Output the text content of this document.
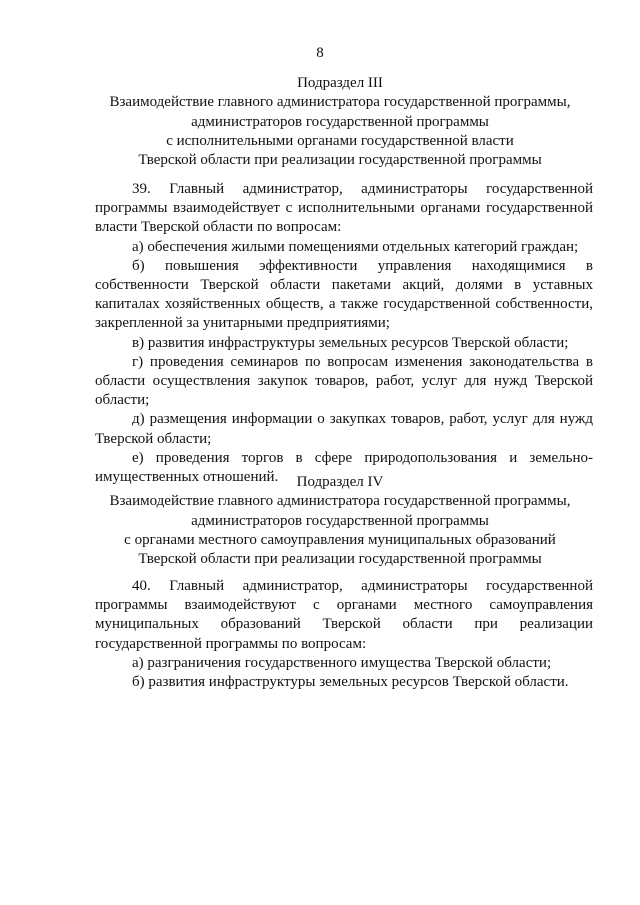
8
Подраздел III
Взаимодействие главного администратора государственной программы,
администраторов государственной программы
с исполнительными органами государственной власти
Тверской области при реализации государственной программы
39. Главный администратор, администраторы государственной
программы взаимодействует с исполнительными органами государственной
власти Тверской области по вопросам:
а) обеспечения жилыми помещениями отдельных категорий граждан;
б) повышения эффективности управления находящимися в
собственности Тверской области пакетами акций, долями в уставных
капиталах хозяйственных обществ, а также государственной собственности,
закрепленной за унитарными предприятиями;
в) развития инфраструктуры земельных ресурсов Тверской области;
г) проведения семинаров по вопросам изменения законодательства в
области осуществления закупок товаров, работ, услуг для нужд Тверской
области;
д) размещения информации о закупках товаров, работ, услуг для нужд
Тверской области;
е) проведения торгов в сфере природопользования и земельно-
имущественных отношений.	Подраздел IV
Взаимодействие главного администратора государственной программы,
администраторов государственной программы
с органами местного самоуправления муниципальных образований
Тверской области при реализации государственной программы
40. Главный администратор, администраторы государственной
программы взаимодействуют с органами местного самоуправления
муниципальных образований Тверской области при реализации
государственной программы по вопросам:
а) разграничения государственного имущества Тверской области;
б) развития инфраструктуры земельных ресурсов Тверской области.
